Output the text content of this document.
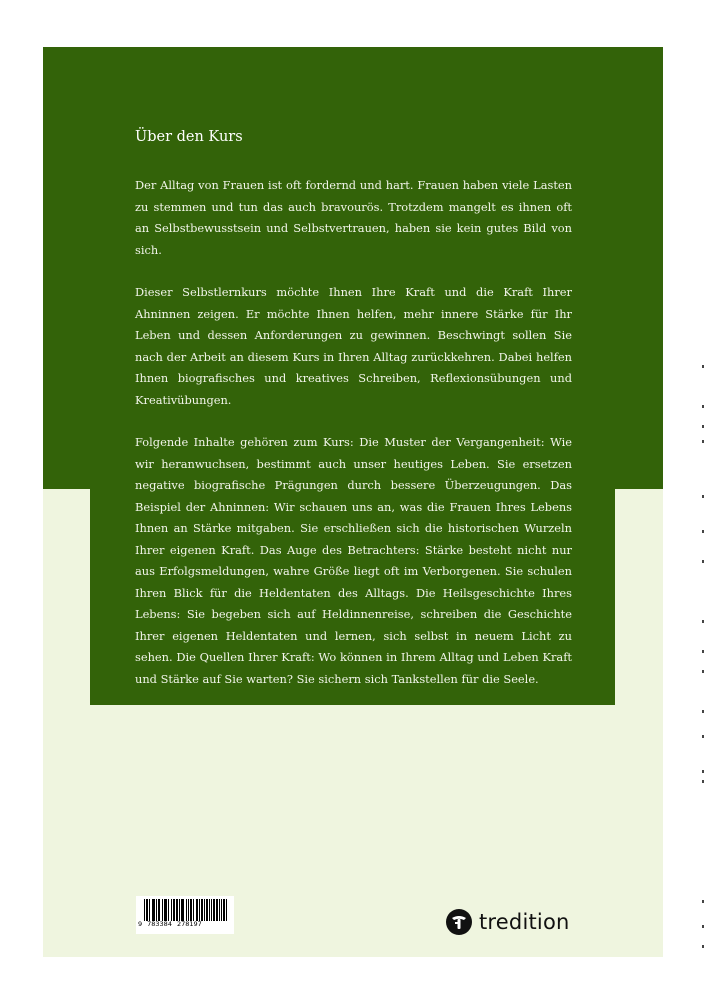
Über den Kurs

Der Alltag von Frauen ist oft fordernd und hart. Frauen haben viele Lasten zu stemmen und tun das auch bravourös. Trotzdem mangelt es ihnen oft an Selbstbewusstsein und Selbstvertrauen, haben sie kein gutes Bild von sich.

Dieser Selbstlernkurs möchte Ihnen Ihre Kraft und die Kraft Ihrer Ahninnen zeigen. Er möchte Ihnen helfen, mehr innere Stärke für Ihr Leben und dessen Anforderungen zu gewinnen. Beschwingt sollen Sie nach der Arbeit an diesem Kurs in Ihren Alltag zurückkehren. Dabei helfen Ihnen biografisches und kreatives Schreiben, Reflexionsübungen und Kreativübungen.

Folgende Inhalte gehören zum Kurs: Die Muster der Vergangenheit: Wie wir heranwuchsen, bestimmt auch unser heutiges Leben. Sie ersetzen negative biografische Prägungen durch bessere Überzeugungen. Das Beispiel der Ahninnen: Wir schauen uns an, was die Frauen Ihres Lebens Ihnen an Stärke mitgaben. Sie erschließen sich die historischen Wurzeln Ihrer eigenen Kraft. Das Auge des Betrachters: Stärke besteht nicht nur aus Erfolgsmeldungen, wahre Größe liegt oft im Verborgenen. Sie schulen Ihren Blick für die Heldentaten des Alltags. Die Heilsgeschichte Ihres Lebens: Sie begeben sich auf Heldinnenreise, schreiben die Geschichte Ihrer eigenen Heldentaten und lernen, sich selbst in neuem Licht zu sehen. Die Quellen Ihrer Kraft: Wo können in Ihrem Alltag und Leben Kraft und Stärke auf Sie warten? Sie sichern sich Tankstellen für die Seele.

9 783384 278197	tredition
